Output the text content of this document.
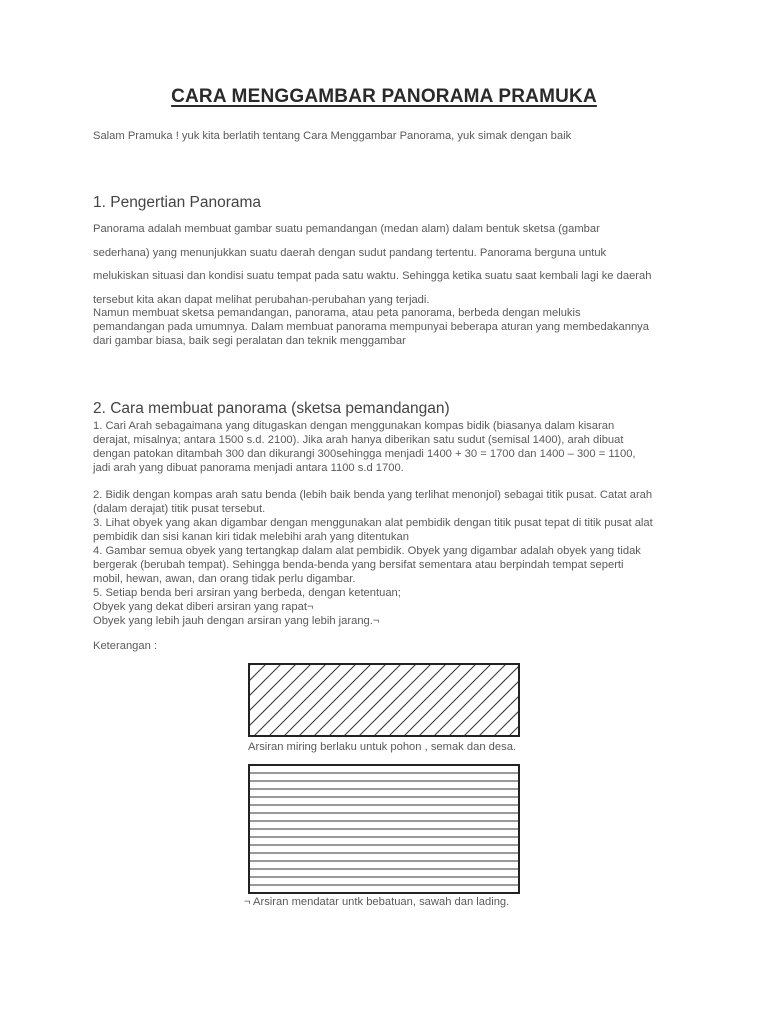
CARA MENGGAMBAR PANORAMA PRAMUKA
Salam Pramuka ! yuk kita berlatih tentang Cara Menggambar Panorama, yuk simak dengan baik
1. Pengertian Panorama
Panorama adalah membuat gambar suatu pemandangan (medan alam) dalam bentuk sketsa (gambar
sederhana) yang menunjukkan suatu daerah dengan sudut pandang tertentu. Panorama berguna untuk
melukiskan situasi dan kondisi suatu tempat pada satu waktu. Sehingga ketika suatu saat kembali lagi ke daerah
tersebut kita akan dapat melihat perubahan-perubahan yang terjadi.
Namun membuat sketsa pemandangan, panorama, atau peta panorama, berbeda dengan melukis
pemandangan pada umumnya. Dalam membuat panorama mempunyai beberapa aturan yang membedakannya
dari gambar biasa, baik segi peralatan dan teknik menggambar
2. Cara membuat panorama (sketsa pemandangan)
1. Cari Arah sebagaimana yang ditugaskan dengan menggunakan kompas bidik (biasanya dalam kisaran
derajat, misalnya; antara 1500 s.d. 2100). Jika arah hanya diberikan satu sudut (semisal 1400), arah dibuat
dengan patokan ditambah 300 dan dikurangi 300sehingga menjadi 1400 + 30 = 1700 dan 1400 – 300 = 1100,
jadi arah yang dibuat panorama menjadi antara 1100 s.d 1700.
2. Bidik dengan kompas arah satu benda (lebih baik benda yang terlihat menonjol) sebagai titik pusat. Catat arah
(dalam derajat) titik pusat tersebut.
3. Lihat obyek yang akan digambar dengan menggunakan alat pembidik dengan titik pusat tepat di titik pusat alat
pembidik dan sisi kanan kiri tidak melebihi arah yang ditentukan
4. Gambar semua obyek yang tertangkap dalam alat pembidik. Obyek yang digambar adalah obyek yang tidak
bergerak (berubah tempat). Sehingga benda-benda yang bersifat sementara atau berpindah tempat seperti
mobil, hewan, awan, dan orang tidak perlu digambar.
5. Setiap benda beri arsiran yang berbeda, dengan ketentuan;
Obyek yang dekat diberi arsiran yang rapat¬
Obyek yang lebih jauh dengan arsiran yang lebih jarang.¬
Keterangan :
Arsiran miring berlaku untuk pohon , semak dan desa.
¬ Arsiran mendatar untk bebatuan, sawah dan lading.
